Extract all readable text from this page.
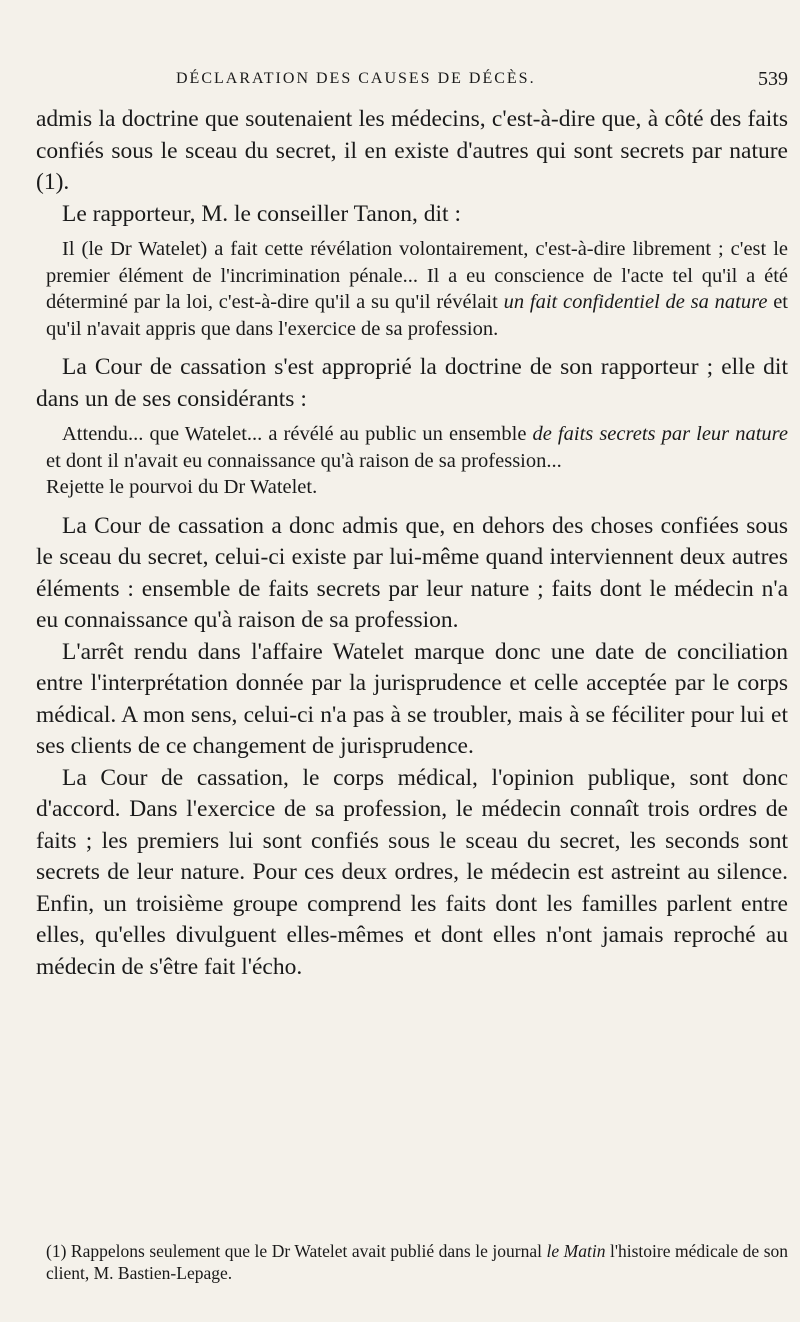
DÉCLARATION DES CAUSES DE DÉCÈS.	539

admis la doctrine que soutenaient les médecins, c'est-à-dire que, à côté des faits confiés sous le sceau du secret, il en existe d'autres qui sont secrets par nature (1).

Le rapporteur, M. le conseiller Tanon, dit :

Il (le Dr Watelet) a fait cette révélation volontairement, c'est-à-dire librement ; c'est le premier élément de l'incrimination pénale... Il a eu conscience de l'acte tel qu'il a été déterminé par la loi, c'est-à-dire qu'il a su qu'il révélait un fait confidentiel de sa nature et qu'il n'avait appris que dans l'exercice de sa profession.

La Cour de cassation s'est approprié la doctrine de son rapporteur ; elle dit dans un de ses considérants :

Attendu... que Watelet... a révélé au public un ensemble de faits secrets par leur nature et dont il n'avait eu connaissance qu'à raison de sa profession...

Rejette le pourvoi du Dr Watelet.

La Cour de cassation a donc admis que, en dehors des choses confiées sous le sceau du secret, celui-ci existe par lui-même quand interviennent deux autres éléments : ensemble de faits secrets par leur nature ; faits dont le médecin n'a eu connaissance qu'à raison de sa profession.

L'arrêt rendu dans l'affaire Watelet marque donc une date de conciliation entre l'interprétation donnée par la jurisprudence et celle acceptée par le corps médical. A mon sens, celui-ci n'a pas à se troubler, mais à se féciliter pour lui et ses clients de ce changement de jurisprudence.

La Cour de cassation, le corps médical, l'opinion publique, sont donc d'accord. Dans l'exercice de sa profession, le médecin connaît trois ordres de faits ; les premiers lui sont confiés sous le sceau du secret, les seconds sont secrets de leur nature. Pour ces deux ordres, le médecin est astreint au silence. Enfin, un troisième groupe comprend les faits dont les familles parlent entre elles, qu'elles divulguent elles-mêmes et dont elles n'ont jamais reproché au médecin de s'être fait l'écho.

(1) Rappelons seulement que le Dr Watelet avait publié dans le journal le Matin l'histoire médicale de son client, M. Bastien-Lepage.
